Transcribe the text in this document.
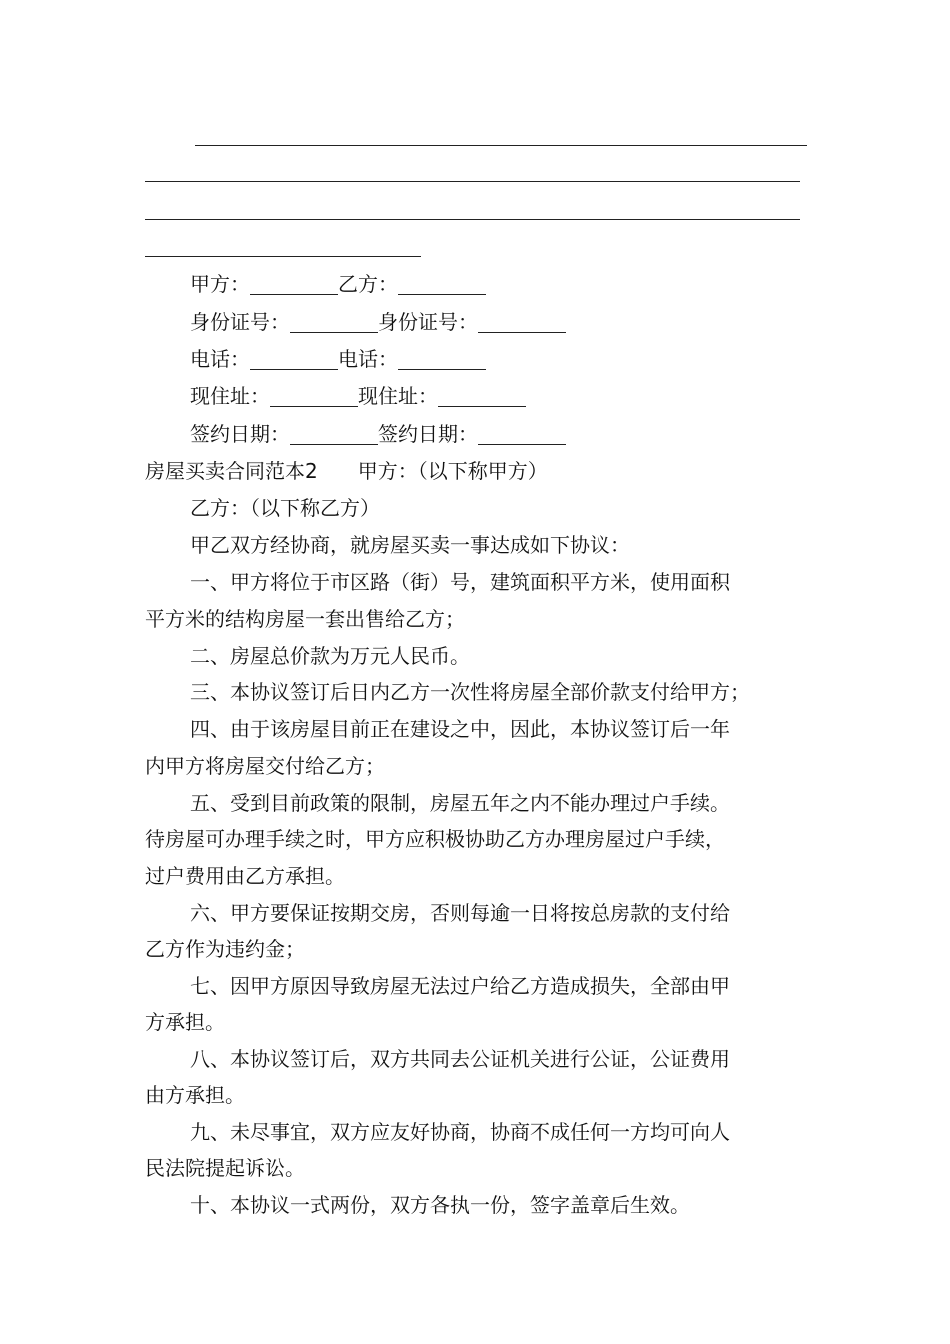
甲方：	乙方：
身份证号：	身份证号：
电话：	电话：
现住址：	现住址：
签约日期：	签约日期：
房屋买卖合同范本2 甲方：（以下称甲方）
乙方：（以下称乙方）
甲乙双方经协商，就房屋买卖一事达成如下协议：
一、甲方将位于市区路（街）号，建筑面积平方米，使用面积
平方米的结构房屋一套出售给乙方；
二、房屋总价款为万元人民币。
三、本协议签订后日内乙方一次性将房屋全部价款支付给甲方；
四、由于该房屋目前正在建设之中，因此，本协议签订后一年
内甲方将房屋交付给乙方；
五、受到目前政策的限制，房屋五年之内不能办理过户手续。
待房屋可办理手续之时，甲方应积极协助乙方办理房屋过户手续，
过户费用由乙方承担。
六、甲方要保证按期交房，否则每逾一日将按总房款的支付给
乙方作为违约金；
七、因甲方原因导致房屋无法过户给乙方造成损失，全部由甲
方承担。
八、本协议签订后，双方共同去公证机关进行公证，公证费用
由方承担。
九、未尽事宜，双方应友好协商，协商不成任何一方均可向人
民法院提起诉讼。
十、本协议一式两份，双方各执一份，签字盖章后生效。
